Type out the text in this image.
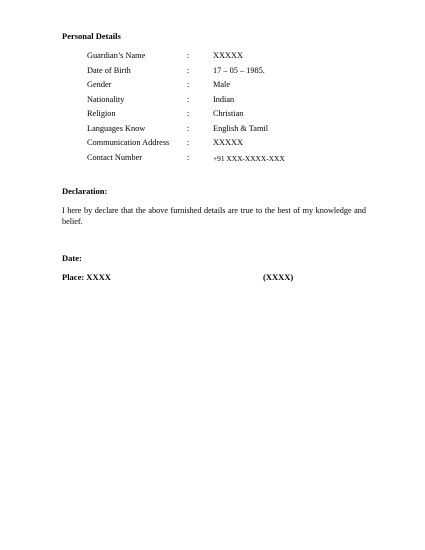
Personal Details
Guardian’s Name	:	XXXXX
Date of Birth	:	17 – 05 – 1985.
Gender	:	Male
Nationality	:	Indian
Religion	:	Christian
Languages Know	:	English & Tamil
Communication Address :	XXXXX
Contact Number	:	+91 XXX-XXXX-XXX
Declaration:
I here by declare that the above furnished details are true to the best of my knowledge and belief.
Date:
Place: XXXX	(XXXX)
